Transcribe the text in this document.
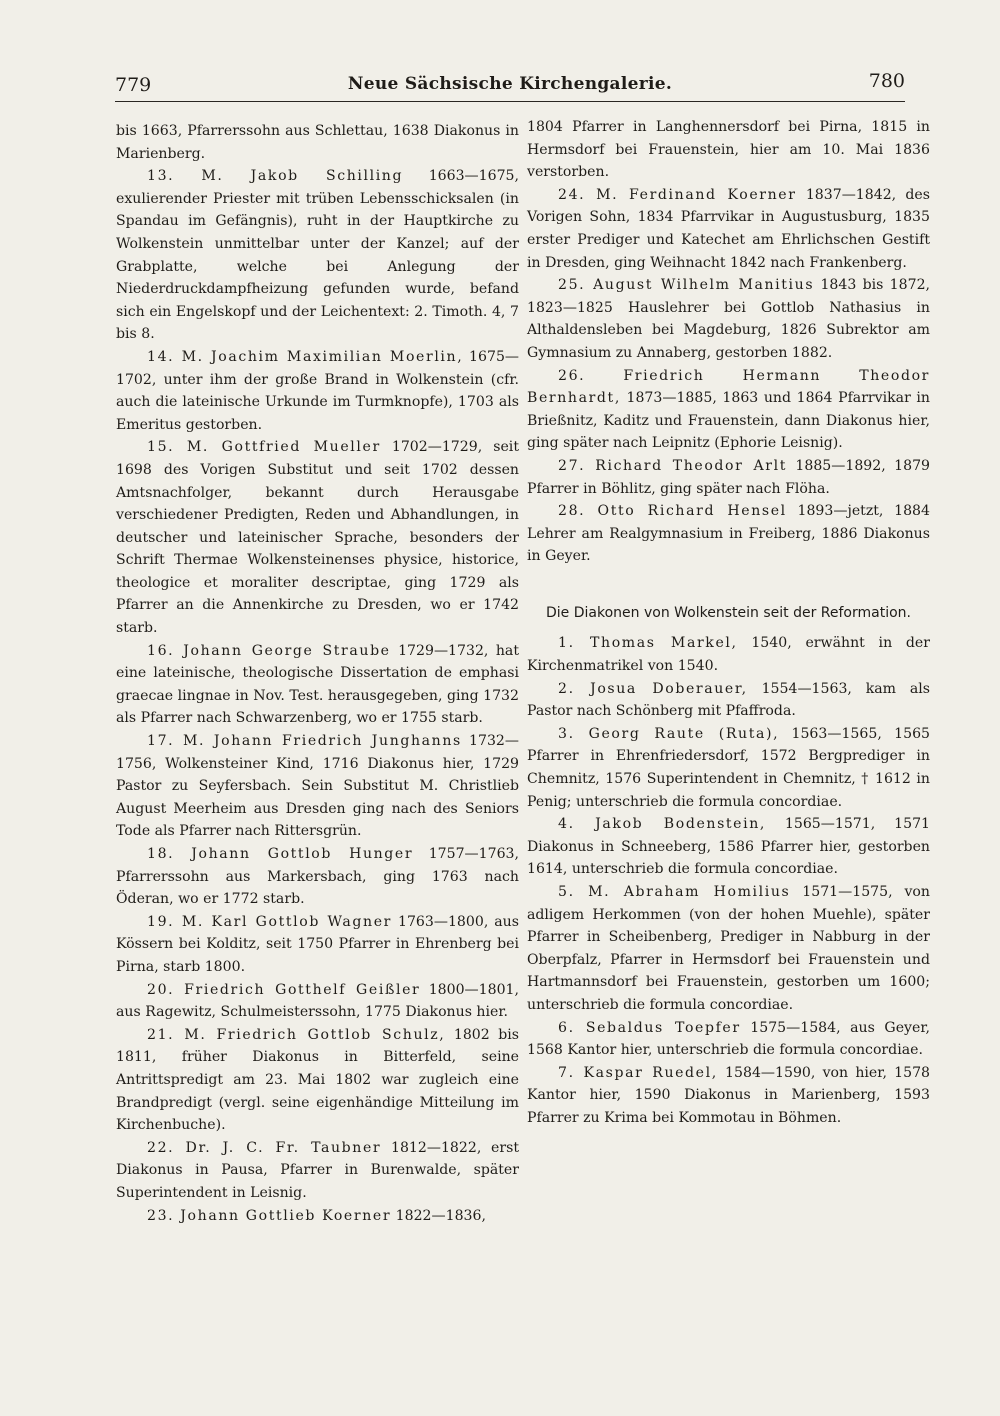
779	Neue Sächsische Kirchengalerie.	780

bis 1663, Pfarrerssohn aus Schlettau, 1638 Diakonus in Marienberg.

13. M. Jakob Schilling 1663—1675, exulierender Priester mit trüben Lebensschicksalen (in Spandau im Gefängnis), ruht in der Hauptkirche zu Wolkenstein unmittelbar unter der Kanzel; auf der Grabplatte, welche bei Anlegung der Niederdruckdampfheizung gefunden wurde, befand sich ein Engelskopf und der Leichentext: 2. Timoth. 4, 7 bis 8.

14. M. Joachim Maximilian Moerlin, 1675—1702, unter ihm der große Brand in Wolkenstein (cfr. auch die lateinische Urkunde im Turmknopfe), 1703 als Emeritus gestorben.

15. M. Gottfried Mueller 1702—1729, seit 1698 des Vorigen Substitut und seit 1702 dessen Amtsnachfolger, bekannt durch Herausgabe verschiedener Predigten, Reden und Abhandlungen, in deutscher und lateinischer Sprache, besonders der Schrift Thermae Wolkensteinenses physice, historice, theologice et moraliter descriptae, ging 1729 als Pfarrer an die Annenkirche zu Dresden, wo er 1742 starb.

16. Johann George Straube 1729—1732, hat eine lateinische, theologische Dissertation de emphasi graecae lingnae in Nov. Test. herausgegeben, ging 1732 als Pfarrer nach Schwarzenberg, wo er 1755 starb.

17. M. Johann Friedrich Junghanns 1732—1756, Wolkensteiner Kind, 1716 Diakonus hier, 1729 Pastor zu Seyfersbach. Sein Substitut M. Christlieb August Meerheim aus Dresden ging nach des Seniors Tode als Pfarrer nach Rittersgrün.

18. Johann Gottlob Hunger 1757—1763, Pfarrerssohn aus Markersbach, ging 1763 nach Öderan, wo er 1772 starb.

19. M. Karl Gottlob Wagner 1763—1800, aus Kössern bei Kolditz, seit 1750 Pfarrer in Ehrenberg bei Pirna, starb 1800.

20. Friedrich Gotthelf Geißler 1800—1801, aus Ragewitz, Schulmeisterssohn, 1775 Diakonus hier.

21. M. Friedrich Gottlob Schulz, 1802 bis 1811, früher Diakonus in Bitterfeld, seine Antrittspredigt am 23. Mai 1802 war zugleich eine Brandpredigt (vergl. seine eigenhändige Mitteilung im Kirchenbuche).

22. Dr. J. C. Fr. Taubner 1812—1822, erst Diakonus in Pausa, Pfarrer in Burenwalde, später Superintendent in Leisnig.

23. Johann Gottlieb Koerner 1822—1836,

1804 Pfarrer in Langhennersdorf bei Pirna, 1815 in Hermsdorf bei Frauenstein, hier am 10. Mai 1836 verstorben.

24. M. Ferdinand Koerner 1837—1842, des Vorigen Sohn, 1834 Pfarrvikar in Augustusburg, 1835 erster Prediger und Katechet am Ehrlichschen Gestift in Dresden, ging Weihnacht 1842 nach Frankenberg.

25. August Wilhelm Manitius 1843 bis 1872, 1823—1825 Hauslehrer bei Gottlob Nathasius in Althaldensleben bei Magdeburg, 1826 Subrektor am Gymnasium zu Annaberg, gestorben 1882.

26. Friedrich Hermann Theodor Bernhardt, 1873—1885, 1863 und 1864 Pfarrvikar in Brießnitz, Kaditz und Frauenstein, dann Diakonus hier, ging später nach Leipnitz (Ephorie Leisnig).

27. Richard Theodor Arlt 1885—1892, 1879 Pfarrer in Böhlitz, ging später nach Flöha.

28. Otto Richard Hensel 1893—jetzt, 1884 Lehrer am Realgymnasium in Freiberg, 1886 Diakonus in Geyer.

Die Diakonen von Wolkenstein seit der Reformation.

1. Thomas Markel, 1540, erwähnt in der Kirchenmatrikel von 1540.

2. Josua Doberauer, 1554—1563, kam als Pastor nach Schönberg mit Pfaffroda.

3. Georg Raute (Ruta), 1563—1565, 1565 Pfarrer in Ehrenfriedersdorf, 1572 Bergprediger in Chemnitz, 1576 Superintendent in Chemnitz, † 1612 in Penig; unterschrieb die formula concordiae.

4. Jakob Bodenstein, 1565—1571, 1571 Diakonus in Schneeberg, 1586 Pfarrer hier, gestorben 1614, unterschrieb die formula concordiae.

5. M. Abraham Homilius 1571—1575, von adligem Herkommen (von der hohen Muehle), später Pfarrer in Scheibenberg, Prediger in Nabburg in der Oberpfalz, Pfarrer in Hermsdorf bei Frauenstein und Hartmannsdorf bei Frauenstein, gestorben um 1600; unterschrieb die formula concordiae.

6. Sebaldus Toepfer 1575—1584, aus Geyer, 1568 Kantor hier, unterschrieb die formula concordiae.

7. Kaspar Ruedel, 1584—1590, von hier, 1578 Kantor hier, 1590 Diakonus in Marienberg, 1593 Pfarrer zu Krima bei Kommotau in Böhmen.
